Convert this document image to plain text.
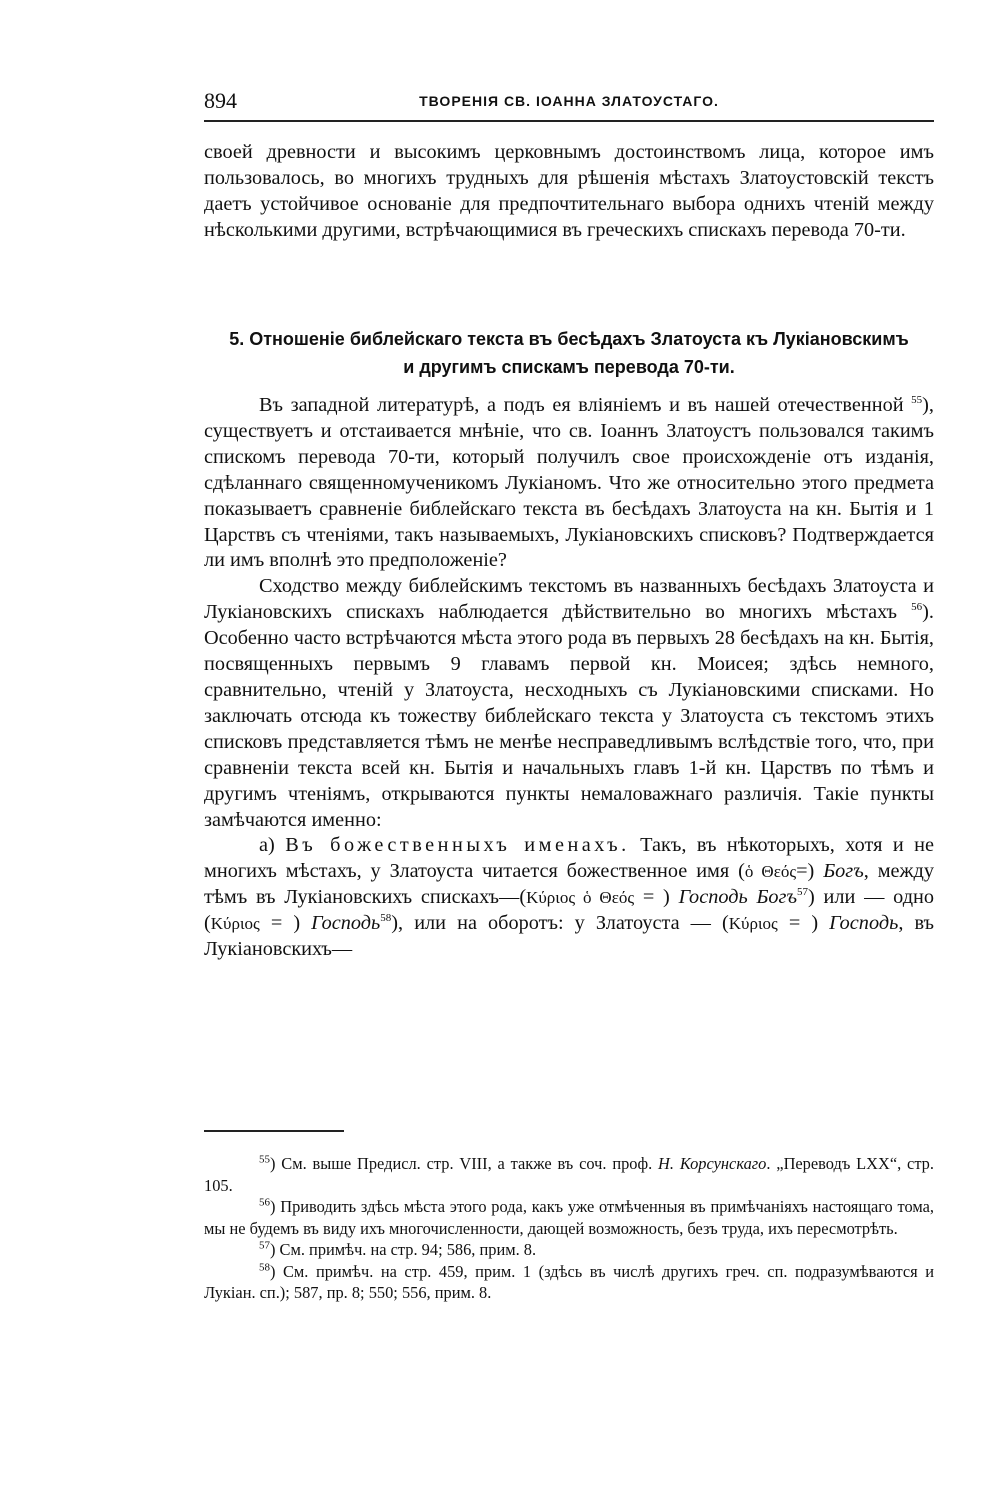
894	ТВОРЕНІЯ СВ. ІОАННА ЗЛАТОУСТАГО.

своей древности и высокимъ церковнымъ достоинствомъ лица, которое имъ пользовалось, во многихъ трудныхъ для рѣшенія мѣстахъ Златоустовскій текстъ даетъ устойчивое основаніе для предпочтительнаго выбора однихъ чтеній между нѣсколькими другими, встрѣчающимися въ греческихъ спискахъ перевода 70-ти.

5. Отношеніе библейскаго текста въ бесѣдахъ Златоуста къ Лукіановскимъ
и другимъ спискамъ перевода 70-ти.

Въ западной литературѣ, а подъ ея вліяніемъ и въ нашей отечественной $^{55}$), существуетъ и отстаивается мнѣніе, что св. Іоаннъ Златоустъ пользовался такимъ спискомъ перевода 70-ти, который получилъ свое происхожденіе отъ изданія, сдѣланнаго священномученикомъ Лукіаномъ. Что же относительно этого предмета показываетъ сравненіе библейскаго текста въ бесѣдахъ Златоуста на кн. Бытія и 1 Царствъ съ чтеніями, такъ называемыхъ, Лукіановскихъ списковъ? Подтверждается ли имъ вполнѣ это предположеніе?

Сходство между библейскимъ текстомъ въ названныхъ бесѣдахъ Златоуста и Лукіановскихъ спискахъ наблюдается дѣйствительно во многихъ мѣстахъ $^{56}$). Особенно часто встрѣчаются мѣста этого рода въ первыхъ 28 бесѣдахъ на кн. Бытія, посвященныхъ первымъ 9 главамъ первой кн. Моисея; здѣсь немного, сравнительно, чтеній у Златоуста, несходныхъ съ Лукіановскими списками. Но заключать отсюда къ тожеству библейскаго текста у Златоуста съ текстомъ этихъ списковъ представляется тѣмъ не менѣе несправедливымъ вслѣдствіе того, что, при сравненіи текста всей кн. Бытія и начальныхъ главъ 1-й кн. Царствъ по тѣмъ и другимъ чтеніямъ, открываются пункты немаловажнаго различія. Такіе пункты замѣчаются именно:

а) Въ божественныхъ именахъ. Такъ, въ нѣкоторыхъ, хотя и не многихъ мѣстахъ, у Златоуста читается божественное имя (ὁ Θεός=) Богъ, между тѣмъ въ Лукіановскихъ спискахъ—(Κύριος ὁ Θεός = ) Господь Богъ$^{57}$) или — одно (Κύριος = ) Господь$^{58}$), или на оборотъ: у Златоуста — (Κύριος = ) Господь, въ Лукіановскихъ—

$^{55}$) См. выше Предисл. стр. VIII, а также въ соч. проф. Н. Корсунскаго. „Переводъ LXX“, стр. 105.

$^{56}$) Приводить здѣсь мѣста этого рода, какъ уже отмѣченныя въ примѣчаніяхъ настоящаго тома, мы не будемъ въ виду ихъ многочисленности, дающей возможность, безъ труда, ихъ пересмотрѣть.

$^{57}$) См. примѣч. на стр. 94; 586, прим. 8.

$^{58}$) См. примѣч. на стр. 459, прим. 1 (здѣсь въ числѣ другихъ греч. сп. подразумѣваются и Лукіан. сп.); 587, пр. 8; 550; 556, прим. 8.
